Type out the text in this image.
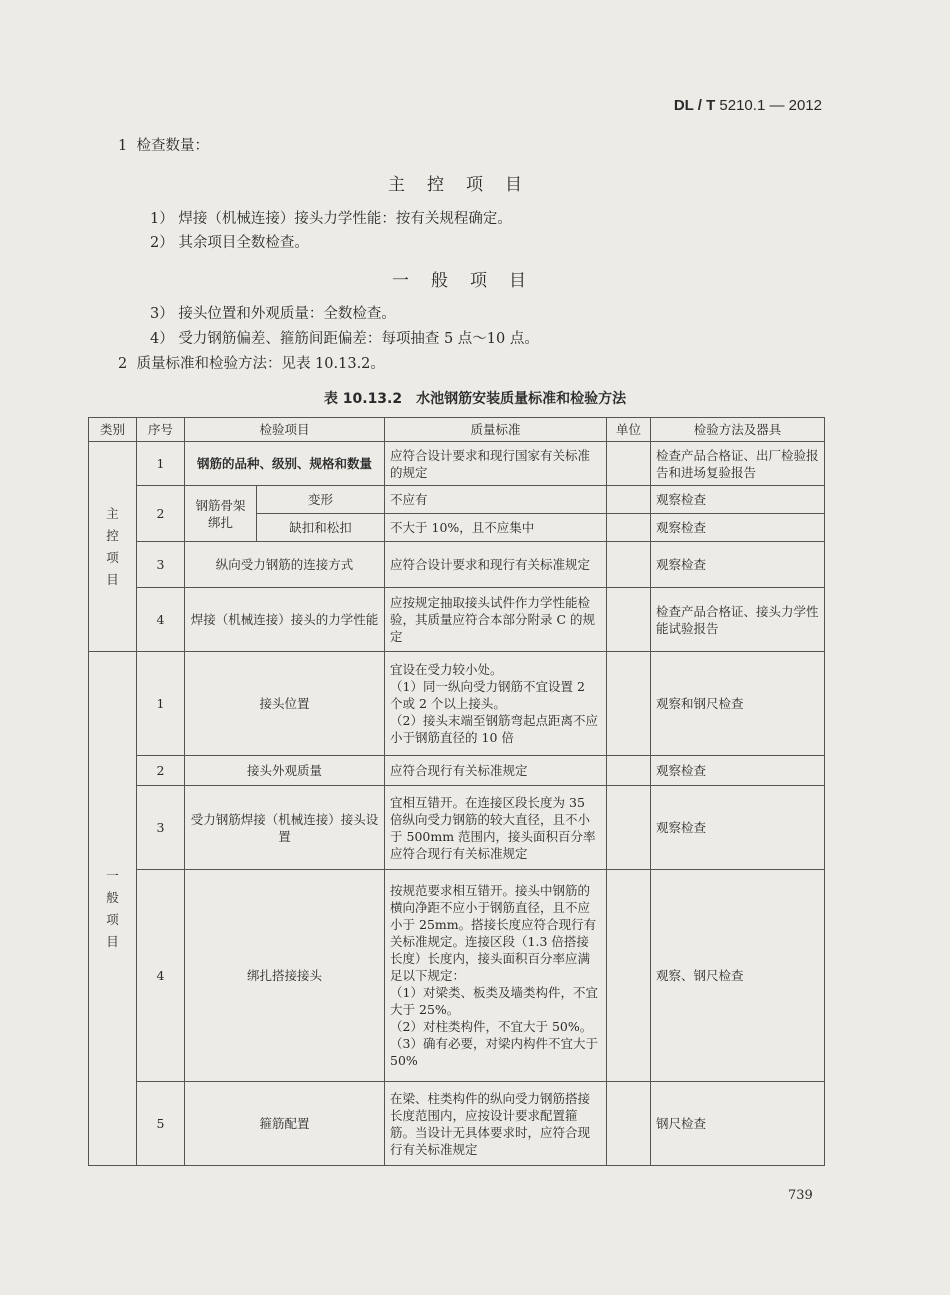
DL / T 5210.1 — 2012
1 检查数量：
主控项目
1） 焊接（机械连接）接头力学性能：按有关规程确定。
2） 其余项目全数检查。
一般项目
3） 接头位置和外观质量：全数检查。
4） 受力钢筋偏差、箍筋间距偏差：每项抽查 5 点～10 点。
2 质量标准和检验方法：见表 10.13.2。
表 10.13.2　水池钢筋安装质量标准和检验方法
类别	序号	检验项目		质量标准	单位	检验方法及器具
主
控
项
目	1	钢筋的品种、级别、规格和数量		应符合设计要求和现行国家有关标准的规定		检查产品合格证、出厂检验报告和进场复验报告
	2	钢筋骨架绑扎	变形	不应有		观察检查
			缺扣和松扣	不大于 10%，且不应集中		观察检查
	3	纵向受力钢筋的连接方式		应符合设计要求和现行有关标准规定		观察检查
	4	焊接（机械连接）接头的力学性能		应按规定抽取接头试件作力学性能检验，其质量应符合本部分附录 C 的规定		检查产品合格证、接头力学性能试验报告

一
般
项
目	1	接头位置		宜设在受力较小处。
（1）同一纵向受力钢筋不宜设置 2 个或 2 个以上接头。
（2）接头末端至钢筋弯起点距离不应小于钢筋直径的 10 倍		观察和钢尺检查
	2	接头外观质量		应符合现行有关标准规定		观察检查
	3	受力钢筋焊接（机械连接）接头设置		宜相互错开。在连接区段长度为 35 倍纵向受力钢筋的较大直径，且不小于 500mm 范围内，接头面积百分率应符合现行有关标准规定		观察检查
	4	绑扎搭接接头		按规范要求相互错开。接头中钢筋的横向净距不应小于钢筋直径，且不应小于 25mm。搭接长度应符合现行有关标准规定。连接区段（1.3 倍搭接长度）长度内，接头面积百分率应满足以下规定：
（1）对梁类、板类及墙类构件，不宜大于 25%。
（2）对柱类构件，不宜大于 50%。
（3）确有必要，对梁内构件不宜大于 50%		观察、钢尺检查
	5	箍筋配置		在梁、柱类构件的纵向受力钢筋搭接长度范围内，应按设计要求配置箍筋。当设计无具体要求时，应符合现行有关标准规定		钢尺检查
739
